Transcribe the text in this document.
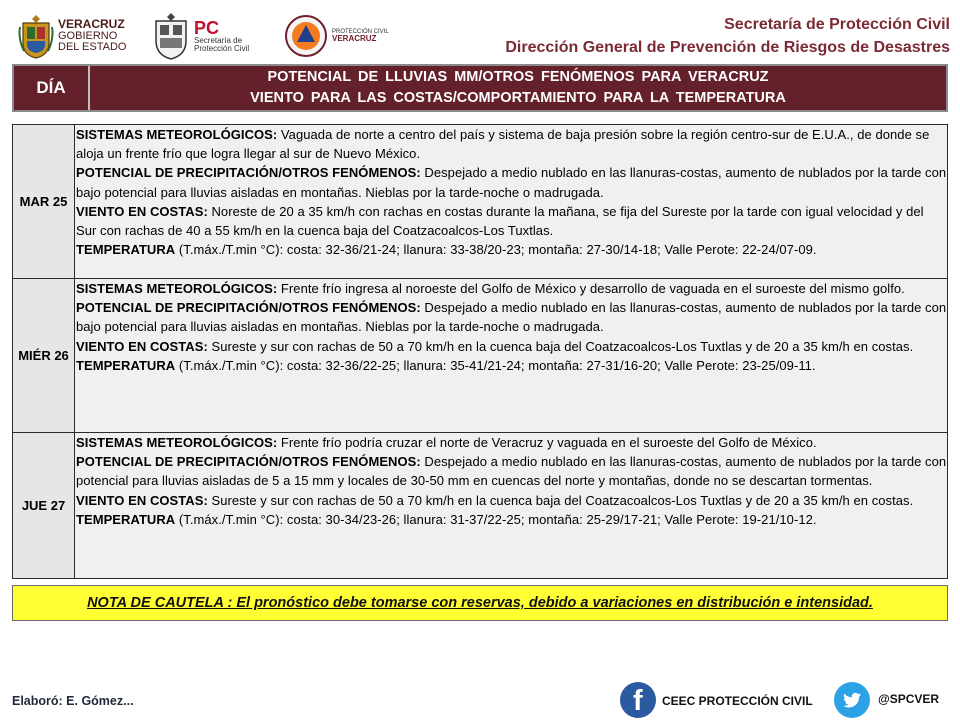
VERACRUZ
GOBIERNO
DEL ESTADO
PC
Secretaría de
Protección Civil
PROTECCIÓN CIVIL
VERACRUZ
Secretaría de Protección Civil
Dirección General de Prevención de Riesgos de Desastres
DÍA
POTENCIAL DE LLUVIAS MM/OTROS FENÓMENOS PARA VERACRUZ
VIENTO PARA LAS COSTAS/COMPORTAMIENTO PARA LA TEMPERATURA
MAR 25	SISTEMAS METEOROLÓGICOS: Vaguada de norte a centro del país y sistema de baja presión sobre la región centro-sur de E.U.A., de donde se aloja un frente frío que logra llegar al sur de Nuevo México.

POTENCIAL DE PRECIPITACIÓN/OTROS FENÓMENOS: Despejado a medio nublado en las llanuras-costas, aumento de nublados por la tarde con bajo potencial para lluvias aisladas en montañas. Nieblas por la tarde-noche o madrugada.

VIENTO EN COSTAS: Noreste de 20 a 35 km/h con rachas en costas durante la mañana, se fija del Sureste por la tarde con igual velocidad y del Sur con rachas de 40 a 55 km/h en la cuenca baja del Coatzacoalcos-Los Tuxtlas.

TEMPERATURA (T.máx./T.min °C): costa: 32-36/21-24; llanura: 33-38/20-23; montaña: 27-30/14-18; Valle Perote: 22-24/07-09.

MIÉR 26	SISTEMAS METEOROLÓGICOS: Frente frío ingresa al noroeste del Golfo de México y desarrollo de vaguada en el suroeste del mismo golfo.

POTENCIAL DE PRECIPITACIÓN/OTROS FENÓMENOS: Despejado a medio nublado en las llanuras-costas, aumento de nublados por la tarde con bajo potencial para lluvias aisladas en montañas. Nieblas por la tarde-noche o madrugada.

VIENTO EN COSTAS: Sureste y sur con rachas de 50 a 70 km/h en la cuenca baja del Coatzacoalcos-Los Tuxtlas y de 20 a 35 km/h en costas.

TEMPERATURA (T.máx./T.min °C): costa: 32-36/22-25; llanura: 35-41/21-24; montaña: 27-31/16-20; Valle Perote: 23-25/09-11.

JUE 27	SISTEMAS METEOROLÓGICOS: Frente frío podría cruzar el norte de Veracruz y vaguada en el suroeste del Golfo de México.

POTENCIAL DE PRECIPITACIÓN/OTROS FENÓMENOS: Despejado a medio nublado en las llanuras-costas, aumento de nublados por la tarde con potencial para lluvias aisladas de 5 a 15 mm y locales de 30-50 mm en cuencas del norte y montañas, donde no se descartan tormentas.

VIENTO EN COSTAS: Sureste y sur con rachas de 50 a 70 km/h en la cuenca baja del Coatzacoalcos-Los Tuxtlas y de 20 a 35 km/h en costas.

TEMPERATURA (T.máx./T.min °C): costa: 30-34/23-26; llanura: 31-37/22-25; montaña: 25-29/17-21; Valle Perote: 19-21/10-12.

NOTA DE CAUTELA : El pronóstico debe tomarse con reservas, debido a variaciones en distribución e intensidad.
Elaboró: E. Gómez...	f CEEC PROTECCIÓN CIVIL	@SPCVER
